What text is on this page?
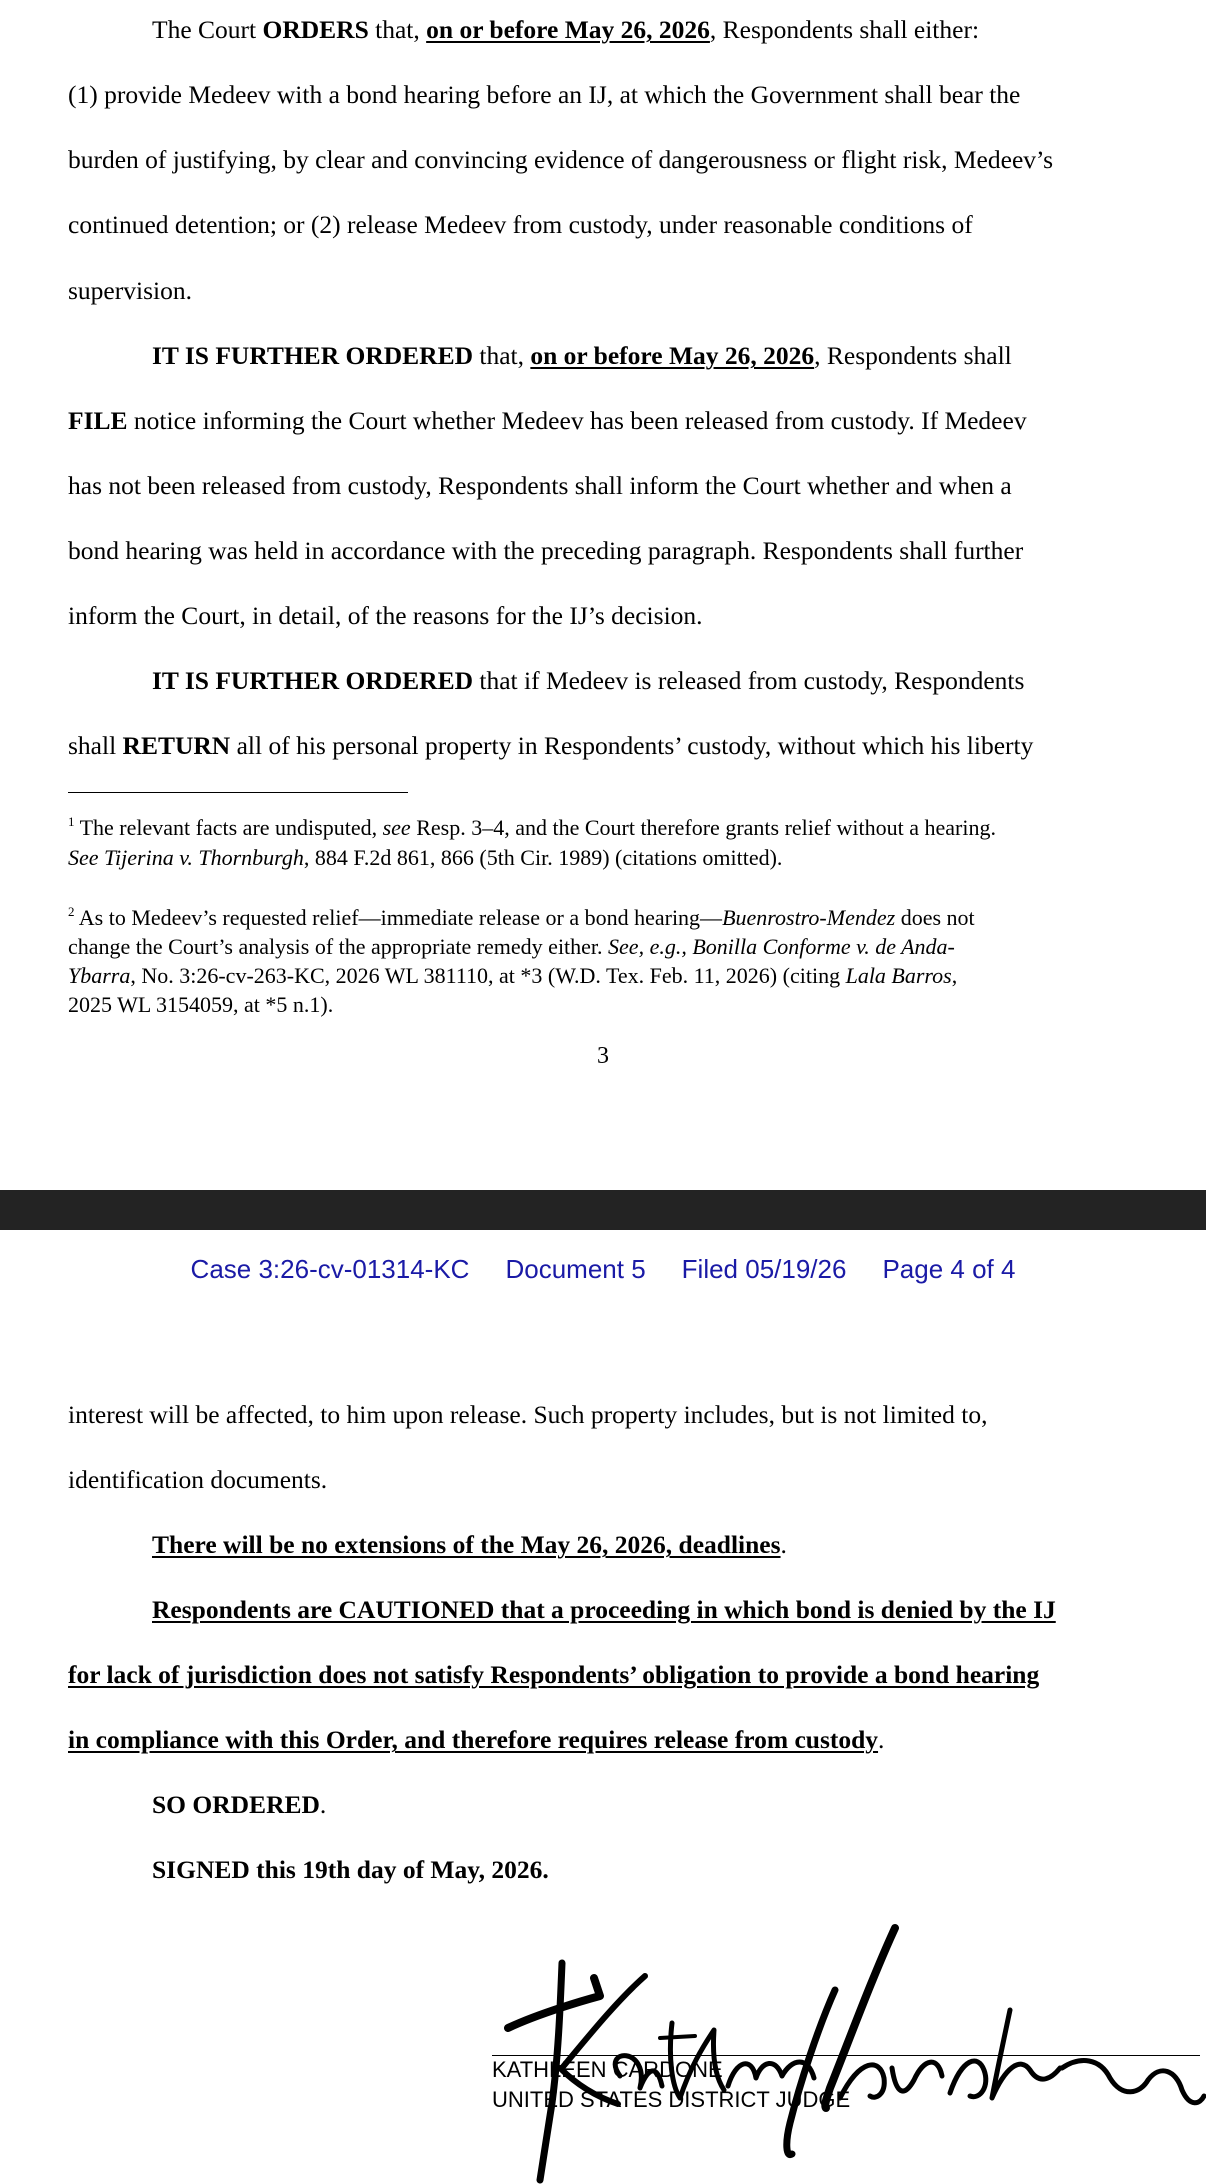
The Court ORDERS that, on or before May 26, 2026, Respondents shall either:
(1) provide Medeev with a bond hearing before an IJ, at which the Government shall bear the
burden of justifying, by clear and convincing evidence of dangerousness or flight risk, Medeev’s
continued detention; or (2) release Medeev from custody, under reasonable conditions of
supervision.
IT IS FURTHER ORDERED that, on or before May 26, 2026, Respondents shall
FILE notice informing the Court whether Medeev has been released from custody. If Medeev
has not been released from custody, Respondents shall inform the Court whether and when a
bond hearing was held in accordance with the preceding paragraph. Respondents shall further
inform the Court, in detail, of the reasons for the IJ’s decision.
IT IS FURTHER ORDERED that if Medeev is released from custody, Respondents
shall RETURN all of his personal property in Respondents’ custody, without which his liberty
$^1$ The relevant facts are undisputed, see Resp. 3–4, and the Court therefore grants relief without a hearing.
See Tijerina v. Thornburgh, 884 F.2d 861, 866 (5th Cir. 1989) (citations omitted).
$^2$ As to Medeev’s requested relief—immediate release or a bond hearing—Buenrostro-Mendez does not
change the Court’s analysis of the appropriate remedy either. See, e.g., Bonilla Conforme v. de Anda-
Ybarra, No. 3:26-cv-263-KC, 2026 WL 381110, at *3 (W.D. Tex. Feb. 11, 2026) (citing Lala Barros,
2025 WL 3154059, at *5 n.1).
3
Case 3:26-cv-01314-KC Document 5 Filed 05/19/26 Page 4 of 4
interest will be affected, to him upon release. Such property includes, but is not limited to,
identification documents.
There will be no extensions of the May 26, 2026, deadlines.
Respondents are CAUTIONED that a proceeding in which bond is denied by the IJ
for lack of jurisdiction does not satisfy Respondents’ obligation to provide a bond hearing
in compliance with this Order, and therefore requires release from custody.
SO ORDERED.
SIGNED this 19th day of May, 2026.
KATHLEEN CARDONE
UNITED STATES DISTRICT JUDGE
